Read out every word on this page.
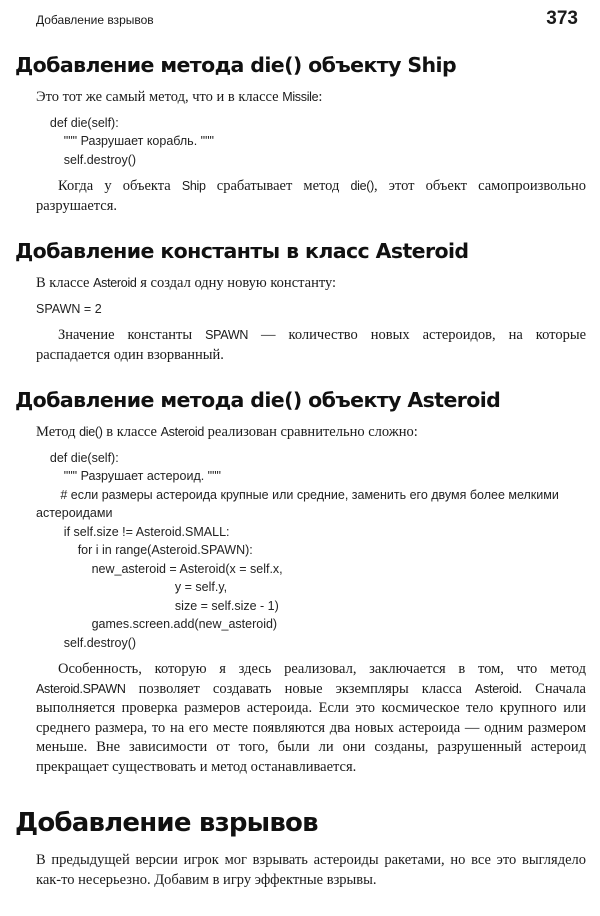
Добавление взрывов	373
Добавление метода die() объекту Ship
Это тот же самый метод, что и в классе Missile:
def die(self):
""" Разрушает корабль. """
self.destroy()
Когда у объекта Ship срабатывает метод die(), этот объект самопроизвольно разрушается.
Добавление константы в класс Asteroid
В классе Asteroid я создал одну новую константу:
SPAWN = 2
Значение константы SPAWN — количество новых астероидов, на которые распадается один взорванный.
Добавление метода die() объекту Asteroid
Метод die() в классе Asteroid реализован сравнительно сложно:
def die(self):
""" Разрушает астероид. """
# если размеры астероида крупные или средние, заменить его двумя более мелкими
астероидами
if self.size != Asteroid.SMALL:
for i in range(Asteroid.SPAWN):
new_asteroid = Asteroid(x = self.x,
y = self.y,
size = self.size - 1)
games.screen.add(new_asteroid)
self.destroy()
Особенность, которую я здесь реализовал, заключается в том, что метод Asteroid.SPAWN позволяет создавать новые экземпляры класса Asteroid. Сначала выполняется проверка размеров астероида. Если это космическое тело крупного или среднего размера, то на его месте появляются два новых астероида — одним размером меньше. Вне зависимости от того, были ли они созданы, разрушенный астероид прекращает существовать и метод останавливается.
Добавление взрывов
В предыдущей версии игрок мог взрывать астероиды ракетами, но все это выглядело как-то несерьезно. Добавим в игру эффектные взрывы.
